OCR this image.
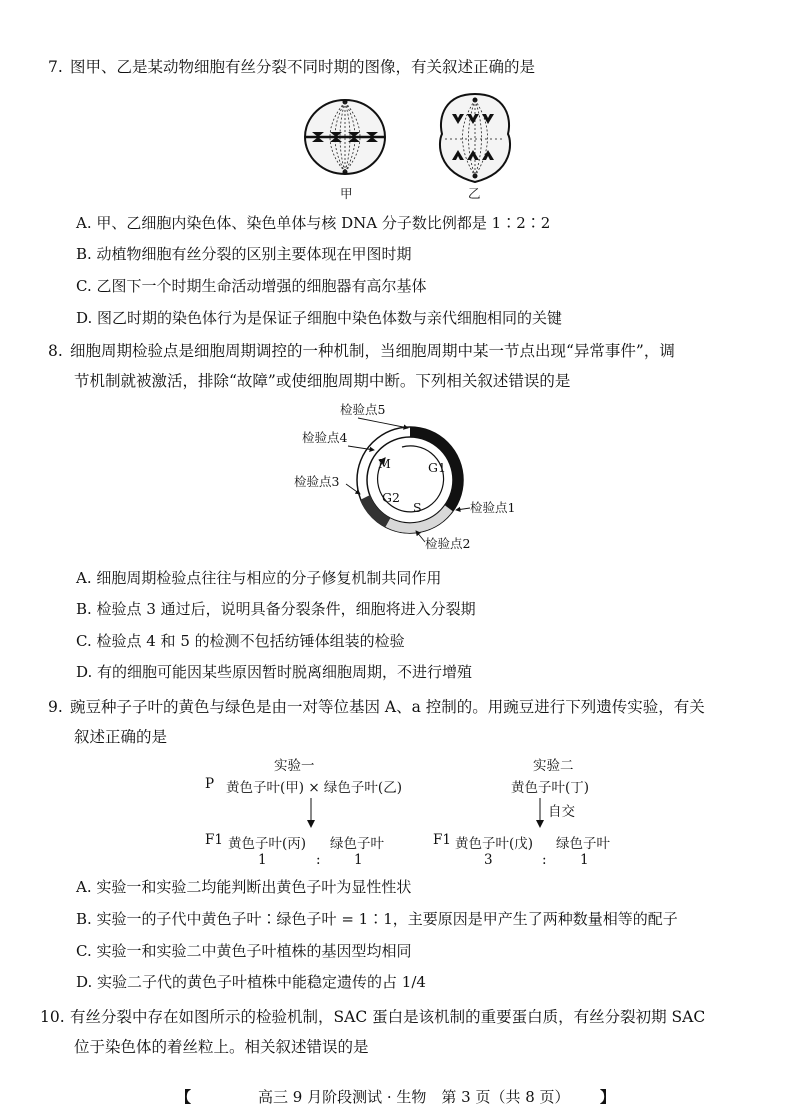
7. 图甲、乙是某动物细胞有丝分裂不同时期的图像，有关叙述正确的是
甲	乙
A. 甲、乙细胞内染色体、染色单体与核 DNA 分子数比例都是 1∶2∶2
B. 动植物细胞有丝分裂的区别主要体现在甲图时期
C. 乙图下一个时期生命活动增强的细胞器有高尔基体
D. 图乙时期的染色体行为是保证子细胞中染色体数与亲代细胞相同的关键
8. 细胞周期检验点是细胞周期调控的一种机制，当细胞周期中某一节点出现“异常事件”，调
节机制就被激活，排除“故障”或使细胞周期中断。下列相关叙述错误的是
M	G1
G2
S
检验点5
检验点4
检验点3
检验点1
检验点2
A. 细胞周期检验点往往与相应的分子修复机制共同作用
B. 检验点 3 通过后，说明具备分裂条件，细胞将进入分裂期
C. 检验点 4 和 5 的检测不包括纺锤体组装的检验
D. 有的细胞可能因某些原因暂时脱离细胞周期，不进行增殖
9. 豌豆种子子叶的黄色与绿色是由一对等位基因 A、a 控制的。用豌豆进行下列遗传实验，有关
叙述正确的是
实验一
P 黄色子叶(甲) × 绿色子叶(乙)
F1 黄色子叶(丙) 绿色子叶
1	: 1
实验二
黄色子叶(丁)
自交
F1 黄色子叶(戊) 绿色子叶
3	: 1
A. 实验一和实验二均能判断出黄色子叶为显性性状
B. 实验一的子代中黄色子叶∶绿色子叶 = 1∶1，主要原因是甲产生了两种数量相等的配子
C. 实验一和实验二中黄色子叶植株的基因型均相同
D. 实验二子代的黄色子叶植株中能稳定遗传的占 1/4
10. 有丝分裂中存在如图所示的检验机制，SAC 蛋白是该机制的重要蛋白质，有丝分裂初期 SAC
位于染色体的着丝粒上。相关叙述错误的是
【	高三 9 月阶段测试 · 生物　第 3 页（共 8 页） 】
